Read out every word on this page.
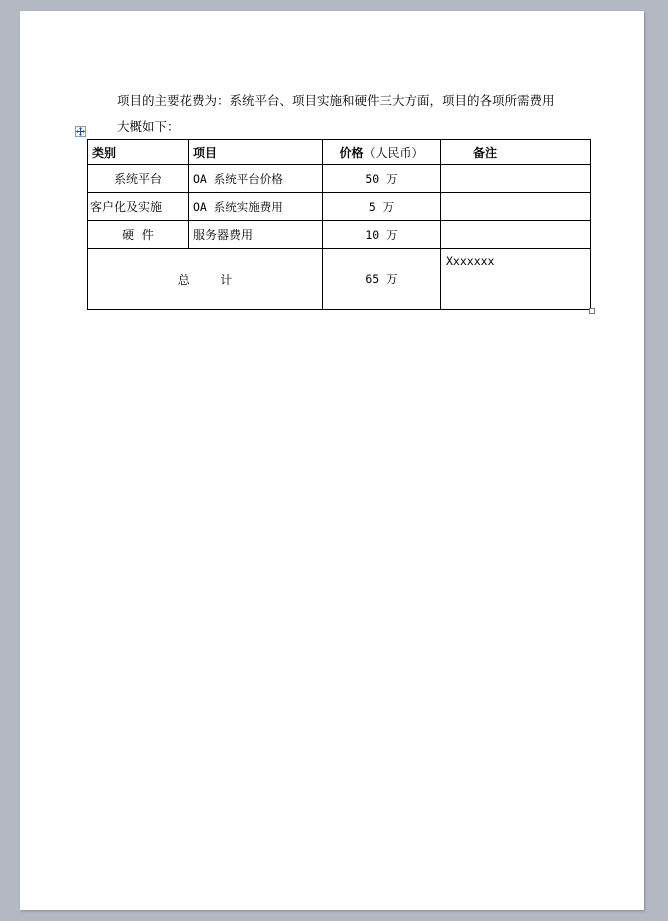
项目的主要花费为：系统平台、项目实施和硬件三大方面，项目的各项所需费用
大概如下：
类别	项目	价格（人民币）	备注
系统平台	OA 系统平台价格	50 万	
客户化及实施	OA 系统实施费用	5 万	
硬  件	服务器费用	10 万	
总        计		65 万	Xxxxxxx
